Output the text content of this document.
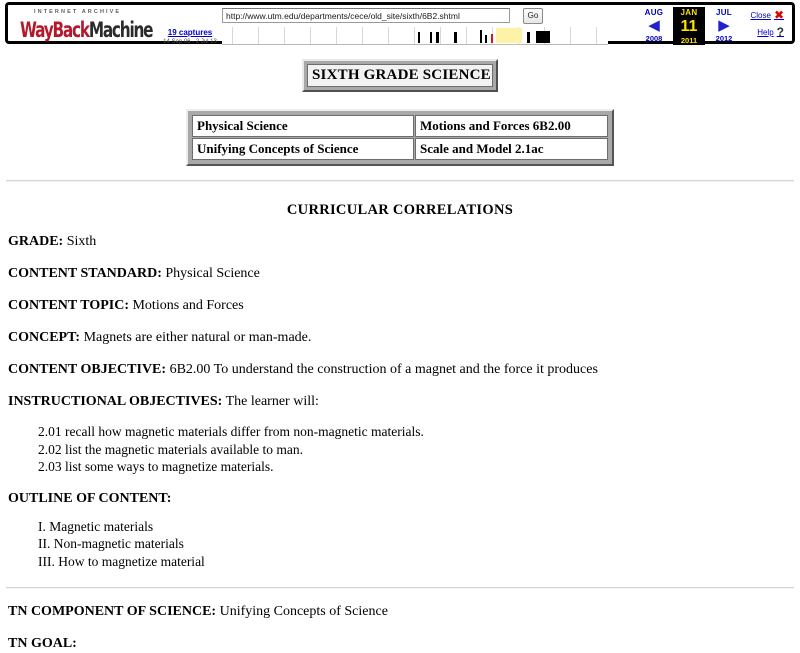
INTERNET ARCHIVE
WayBackMachine	19 captures
14 Sep 06 - 2 Jul 13
http://www.utm.edu/departments/cece/old_site/sixth/6B2.shtml	Go	AUG
◀
2008
JAN
11
2011
JUL
▶
2012
Close ✖
Help ?
SIXTH GRADE SCIENCE
Physical Science	Motions and Forces 6B2.00
Unifying Concepts of Science	Scale and Model 2.1ac
CURRICULAR CORRELATIONS
GRADE: Sixth
CONTENT STANDARD: Physical Science
CONTENT TOPIC: Motions and Forces
CONCEPT: Magnets are either natural or man-made.
CONTENT OBJECTIVE: 6B2.00 To understand the construction of a magnet and the force it produces
INSTRUCTIONAL OBJECTIVES: The learner will:
2.01 recall how magnetic materials differ from non-magnetic materials.
2.02 list the magnetic materials available to man.
2.03 list some ways to magnetize materials.
OUTLINE OF CONTENT:
I. Magnetic materials
II. Non-magnetic materials
III. How to magnetize material
TN COMPONENT OF SCIENCE: Unifying Concepts of Science
TN GOAL:
